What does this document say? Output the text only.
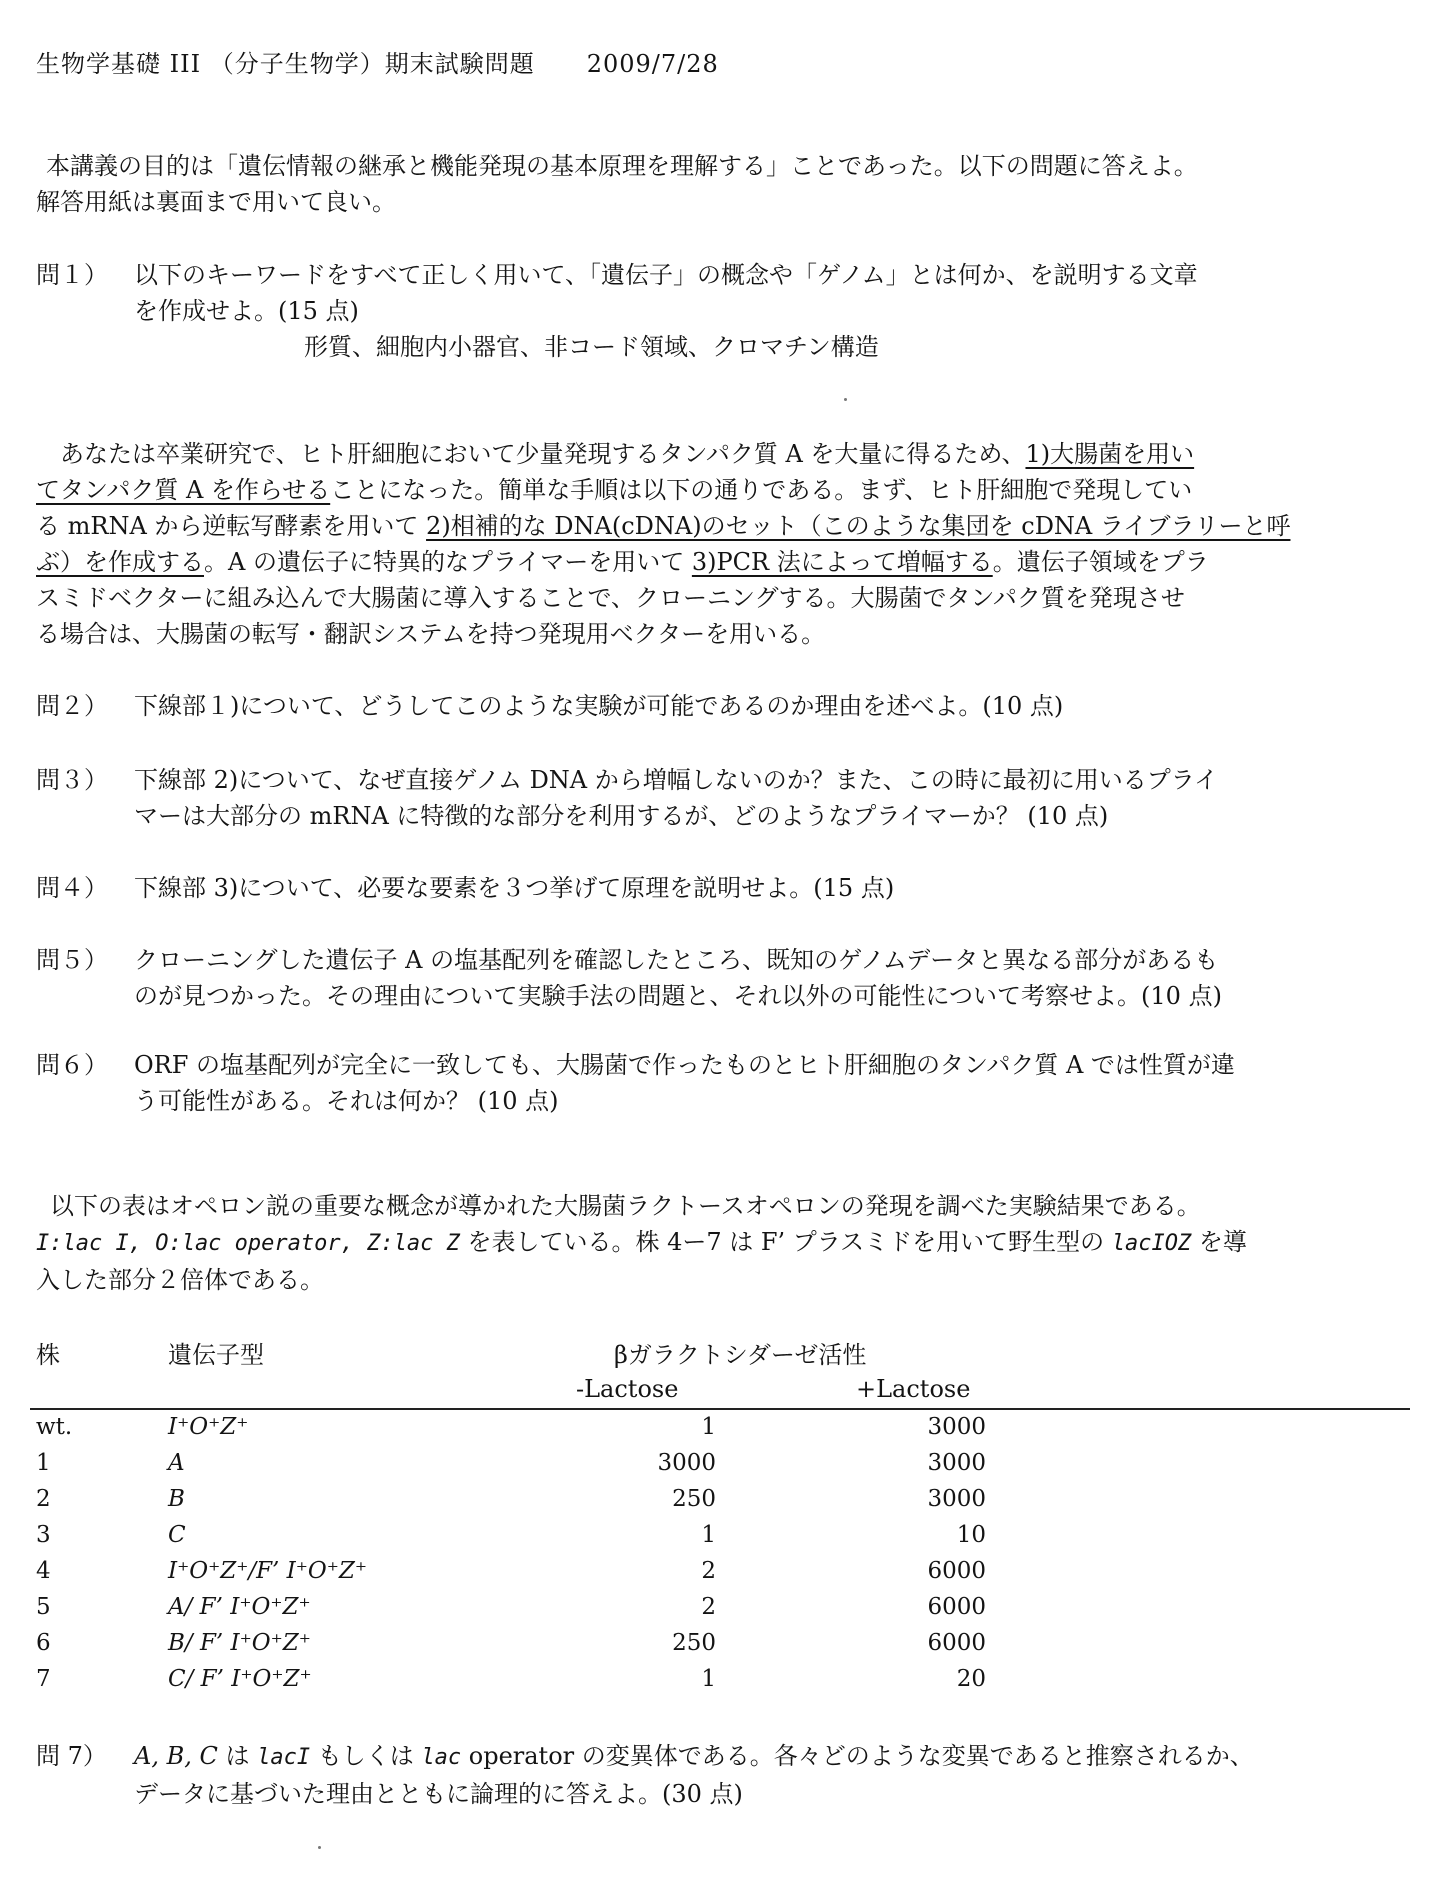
生物学基礎 III （分子生物学）期末試験問題 2009/7/28

本講義の目的は「遺伝情報の継承と機能発現の基本原理を理解する」ことであった。以下の問題に答えよ。

解答用紙は裏面まで用いて良い。

問１） 以下のキーワードをすべて正しく用いて、「遺伝子」の概念や「ゲノム」とは何か、を説明する文章

を作成せよ。(15 点)

形質、細胞内小器官、非コード領域、クロマチン構造

あなたは卒業研究で、ヒト肝細胞において少量発現するタンパク質 A を大量に得るため、1)大腸菌を用い
てタンパク質 A を作らせることになった。簡単な手順は以下の通りである。まず、ヒト肝細胞で発現してい
る mRNA から逆転写酵素を用いて 2)相補的な DNA(cDNA)のセット（このような集団を cDNA ライブラリーと呼
ぶ）を作成する。A の遺伝子に特異的なプライマーを用いて 3)PCR 法によって増幅する。遺伝子領域をプラ
スミドベクターに組み込んで大腸菌に導入することで、クローニングする。大腸菌でタンパク質を発現させ
る場合は、大腸菌の転写・翻訳システムを持つ発現用ベクターを用いる。
問２） 下線部１)について、どうしてこのような実験が可能であるのか理由を述べよ。(10 点)

問３） 下線部 2)について、なぜ直接ゲノム DNA から増幅しないのか？また、この時に最初に用いるプライ

マーは大部分の mRNA に特徴的な部分を利用するが、どのようなプライマーか？ (10 点)

問４） 下線部 3)について、必要な要素を３つ挙げて原理を説明せよ。(15 点)

問５） クローニングした遺伝子 A の塩基配列を確認したところ、既知のゲノムデータと異なる部分があるも

のが見つかった。その理由について実験手法の問題と、それ以外の可能性について考察せよ。(10 点)

問６） ORF の塩基配列が完全に一致しても、大腸菌で作ったものとヒト肝細胞のタンパク質 A では性質が違

う可能性がある。それは何か？ (10 点)

以下の表はオペロン説の重要な概念が導かれた大腸菌ラクトースオペロンの発現を調べた実験結果である。
I:lac I, O:lac operator, Z:lac Z を表している。株 4ー7 は F’ プラスミドを用いて野生型の lacIOZ を導
入した部分２倍体である。
株	遺伝子型	βガラクトシダーゼ活性
-Lactose	+Lactose
wt.	I⁺O⁺Z⁺	1	3000
1	A	3000	3000
2	B	250	3000
3	C	1	10
4	I⁺O⁺Z⁺/F’ I⁺O⁺Z⁺	2	6000
5	A/ F’ I⁺O⁺Z⁺	2	6000
6	B/ F’ I⁺O⁺Z⁺	250	6000
7	C/ F’ I⁺O⁺Z⁺	1	20
問 7） A, B, C は lacI もしくは lac operator の変異体である。各々どのような変異であると推察されるか、

データに基づいた理由とともに論理的に答えよ。(30 点)
